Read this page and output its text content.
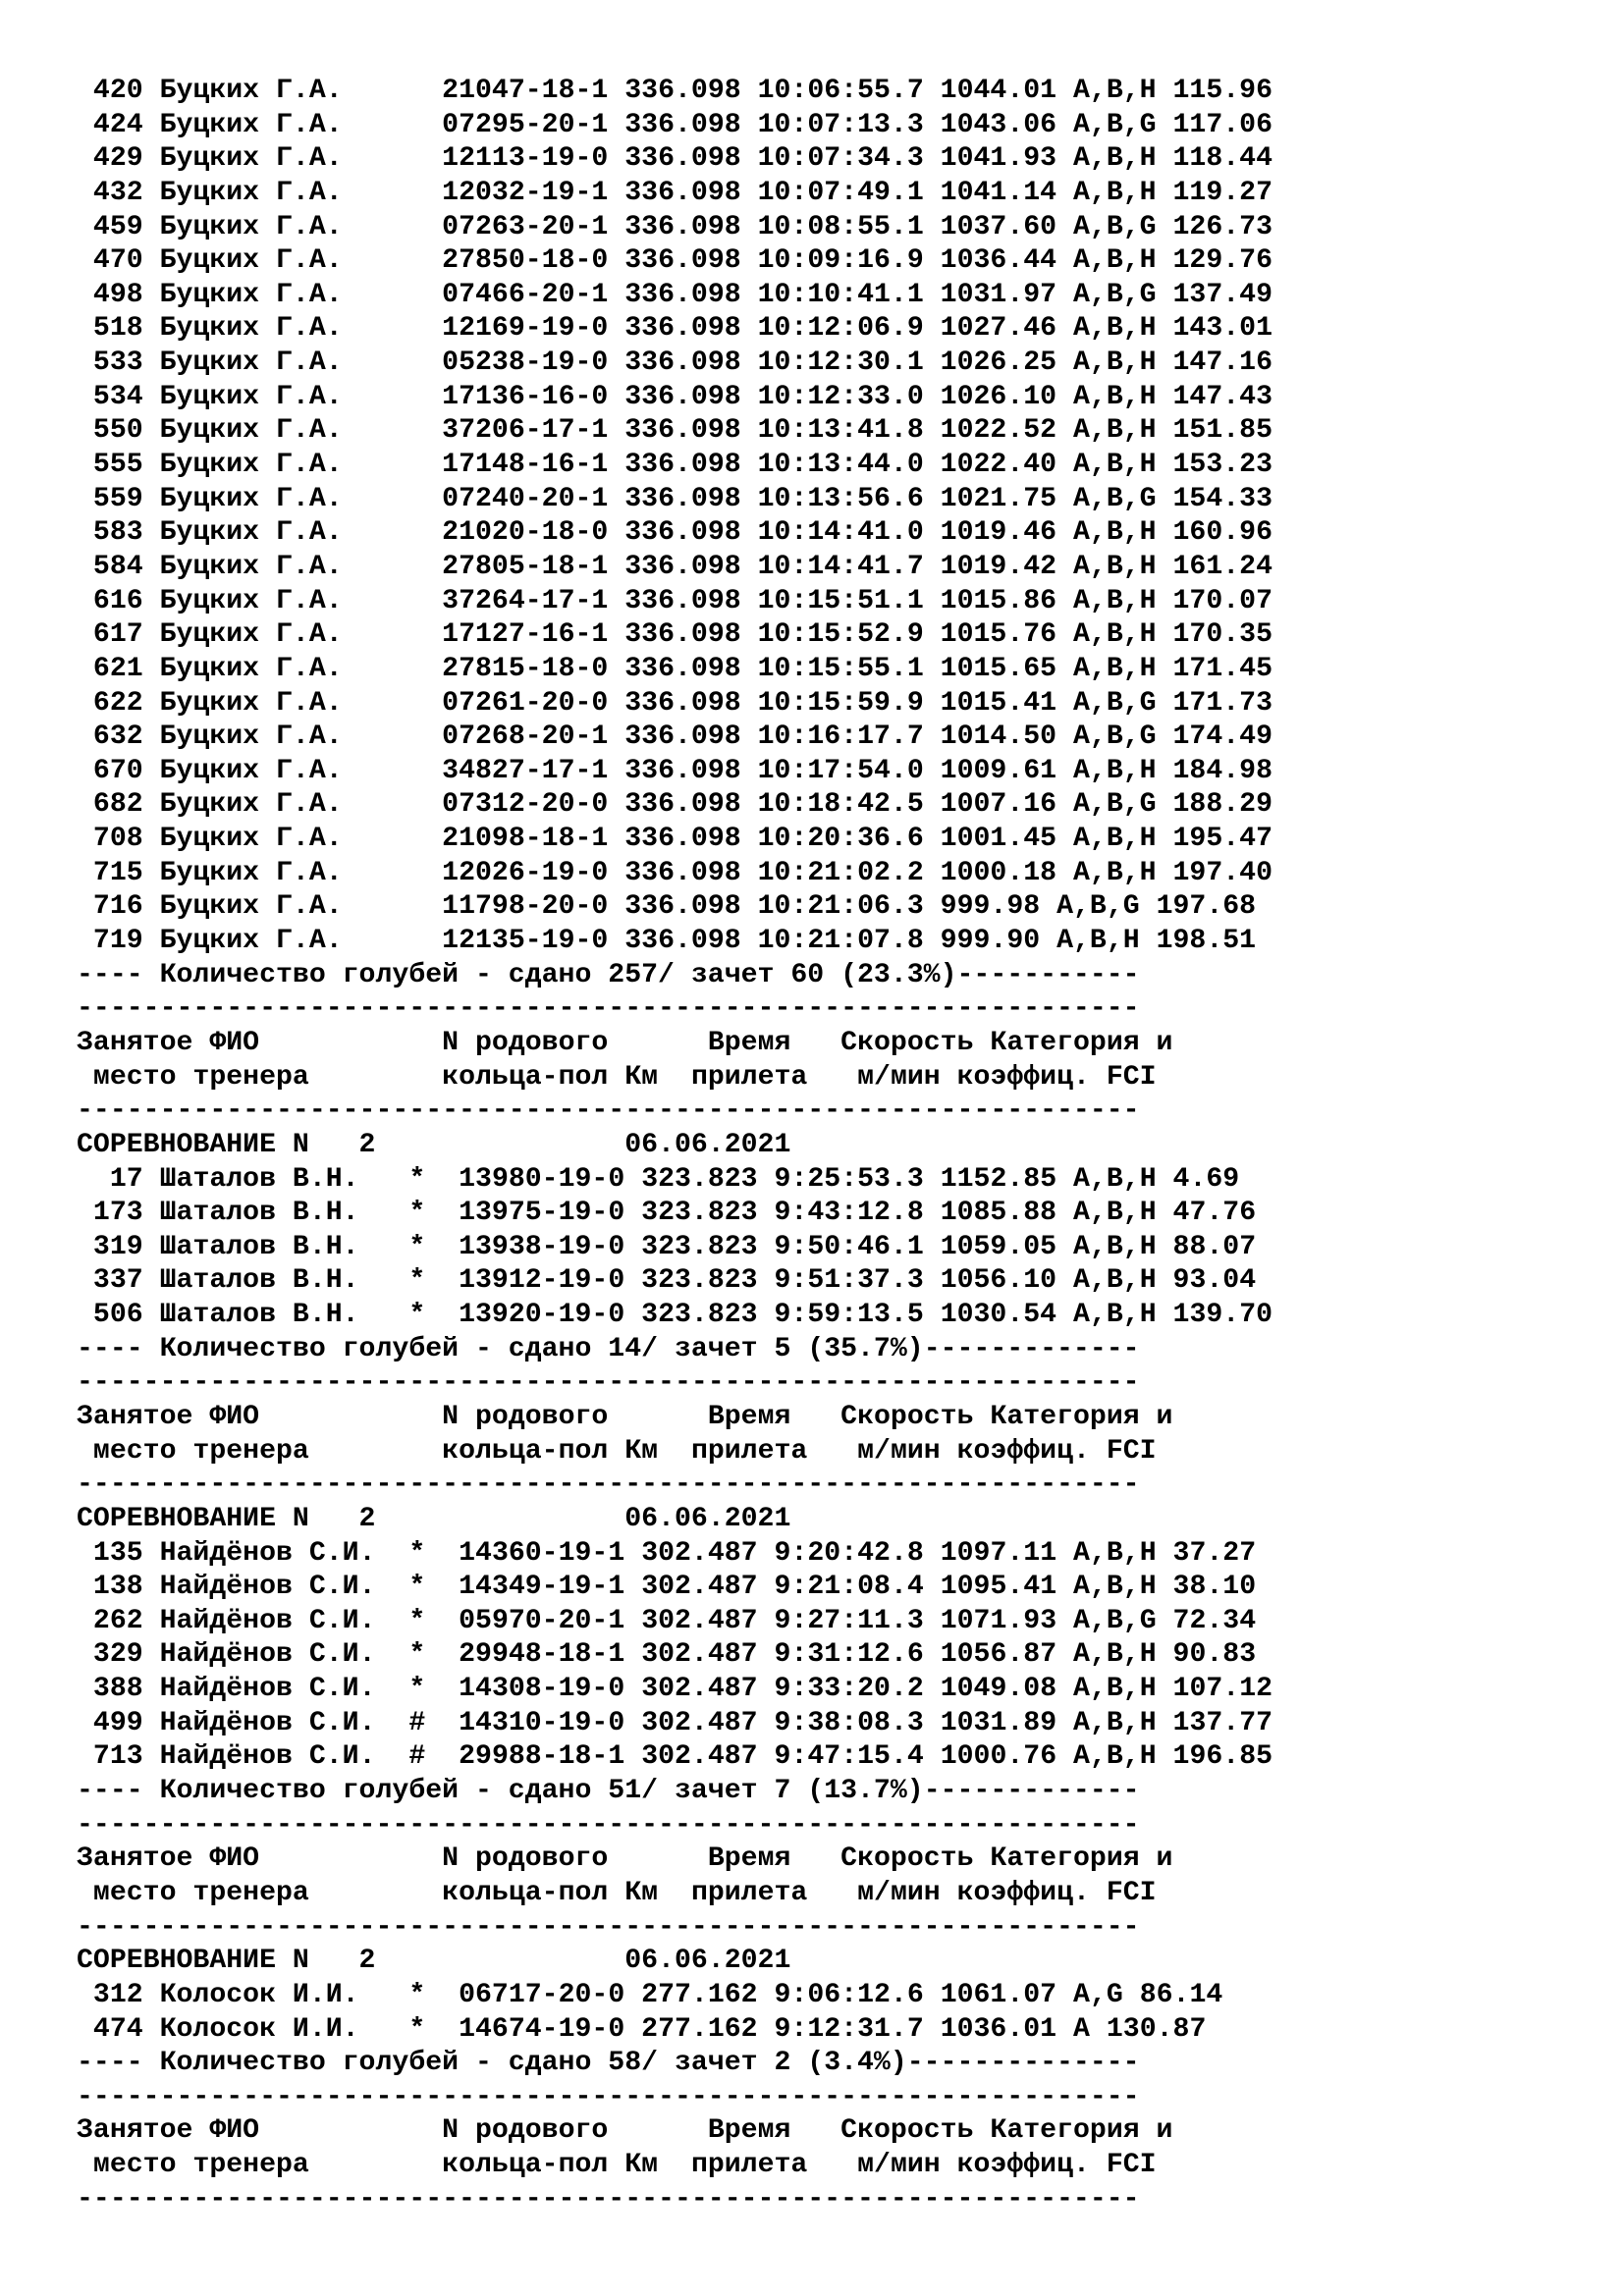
420 Буцких Г.А.	21047-18-1 336.098 10:06:55.7 1044.01 A,B,H 115.96
424 Буцких Г.А.	07295-20-1 336.098 10:07:13.3 1043.06 A,B,G 117.06
429 Буцких Г.А.	12113-19-0 336.098 10:07:34.3 1041.93 A,B,H 118.44
432 Буцких Г.А.	12032-19-1 336.098 10:07:49.1 1041.14 A,B,H 119.27
459 Буцких Г.А.	07263-20-1 336.098 10:08:55.1 1037.60 A,B,G 126.73
470 Буцких Г.А.	27850-18-0 336.098 10:09:16.9 1036.44 A,B,H 129.76
498 Буцких Г.А.	07466-20-1 336.098 10:10:41.1 1031.97 A,B,G 137.49
518 Буцких Г.А.	12169-19-0 336.098 10:12:06.9 1027.46 A,B,H 143.01
533 Буцких Г.А.	05238-19-0 336.098 10:12:30.1 1026.25 A,B,H 147.16
534 Буцких Г.А.	17136-16-0 336.098 10:12:33.0 1026.10 A,B,H 147.43
550 Буцких Г.А.	37206-17-1 336.098 10:13:41.8 1022.52 A,B,H 151.85
555 Буцких Г.А.	17148-16-1 336.098 10:13:44.0 1022.40 A,B,H 153.23
559 Буцких Г.А.	07240-20-1 336.098 10:13:56.6 1021.75 A,B,G 154.33
583 Буцких Г.А.	21020-18-0 336.098 10:14:41.0 1019.46 A,B,H 160.96
584 Буцких Г.А.	27805-18-1 336.098 10:14:41.7 1019.42 A,B,H 161.24
616 Буцких Г.А.	37264-17-1 336.098 10:15:51.1 1015.86 A,B,H 170.07
617 Буцких Г.А.	17127-16-1 336.098 10:15:52.9 1015.76 A,B,H 170.35
621 Буцких Г.А.	27815-18-0 336.098 10:15:55.1 1015.65 A,B,H 171.45
622 Буцких Г.А.	07261-20-0 336.098 10:15:59.9 1015.41 A,B,G 171.73
632 Буцких Г.А.	07268-20-1 336.098 10:16:17.7 1014.50 A,B,G 174.49
670 Буцких Г.А.	34827-17-1 336.098 10:17:54.0 1009.61 A,B,H 184.98
682 Буцких Г.А.	07312-20-0 336.098 10:18:42.5 1007.16 A,B,G 188.29
708 Буцких Г.А.	21098-18-1 336.098 10:20:36.6 1001.45 A,B,H 195.47
715 Буцких Г.А.	12026-19-0 336.098 10:21:02.2 1000.18 A,B,H 197.40
716 Буцких Г.А.	11798-20-0 336.098 10:21:06.3 999.98 A,B,G 197.68
719 Буцких Г.А.	12135-19-0 336.098 10:21:07.8 999.90 A,B,H 198.51
---- Количество голубей - сдано 257/ зачет 60 (23.3%)-----------
----------------------------------------------------------------
Занятое ФИО	N родового	Время Скорость Категория и
место тренера	кольца-пол Км прилета м/мин коэффиц. FCI
----------------------------------------------------------------
СОРЕВНОВАНИЕ N   2	06.06.2021
17 Шаталов В.Н. * 13980-19-0 323.823 9:25:53.3 1152.85 A,B,H 4.69
173 Шаталов В.Н. * 13975-19-0 323.823 9:43:12.8 1085.88 A,B,H 47.76
319 Шаталов В.Н. * 13938-19-0 323.823 9:50:46.1 1059.05 A,B,H 88.07
337 Шаталов В.Н. * 13912-19-0 323.823 9:51:37.3 1056.10 A,B,H 93.04
506 Шаталов В.Н. * 13920-19-0 323.823 9:59:13.5 1030.54 A,B,H 139.70
---- Количество голубей - сдано 14/ зачет 5 (35.7%)-------------
----------------------------------------------------------------
Занятое ФИО	N родового	Время Скорость Категория и
место тренера	кольца-пол Км прилета м/мин коэффиц. FCI
----------------------------------------------------------------
СОРЕВНОВАНИЕ N   2	06.06.2021
135 Найдёнов С.И. * 14360-19-1 302.487 9:20:42.8 1097.11 A,B,H 37.27
138 Найдёнов С.И. * 14349-19-1 302.487 9:21:08.4 1095.41 A,B,H 38.10
262 Найдёнов С.И. * 05970-20-1 302.487 9:27:11.3 1071.93 A,B,G 72.34
329 Найдёнов С.И. * 29948-18-1 302.487 9:31:12.6 1056.87 A,B,H 90.83
388 Найдёнов С.И. * 14308-19-0 302.487 9:33:20.2 1049.08 A,B,H 107.12
499 Найдёнов С.И. # 14310-19-0 302.487 9:38:08.3 1031.89 A,B,H 137.77
713 Найдёнов С.И. # 29988-18-1 302.487 9:47:15.4 1000.76 A,B,H 196.85
---- Количество голубей - сдано 51/ зачет 7 (13.7%)-------------
----------------------------------------------------------------
Занятое ФИО	N родового	Время Скорость Категория и
место тренера	кольца-пол Км прилета м/мин коэффиц. FCI
----------------------------------------------------------------
СОРЕВНОВАНИЕ N   2	06.06.2021
312 Колосок И.И. * 06717-20-0 277.162 9:06:12.6 1061.07 A,G 86.14
474 Колосок И.И. * 14674-19-0 277.162 9:12:31.7 1036.01 A 130.87
---- Количество голубей - сдано 58/ зачет 2 (3.4%)--------------
----------------------------------------------------------------
Занятое ФИО	N родового	Время Скорость Категория и
место тренера	кольца-пол Км прилета м/мин коэффиц. FCI
----------------------------------------------------------------
